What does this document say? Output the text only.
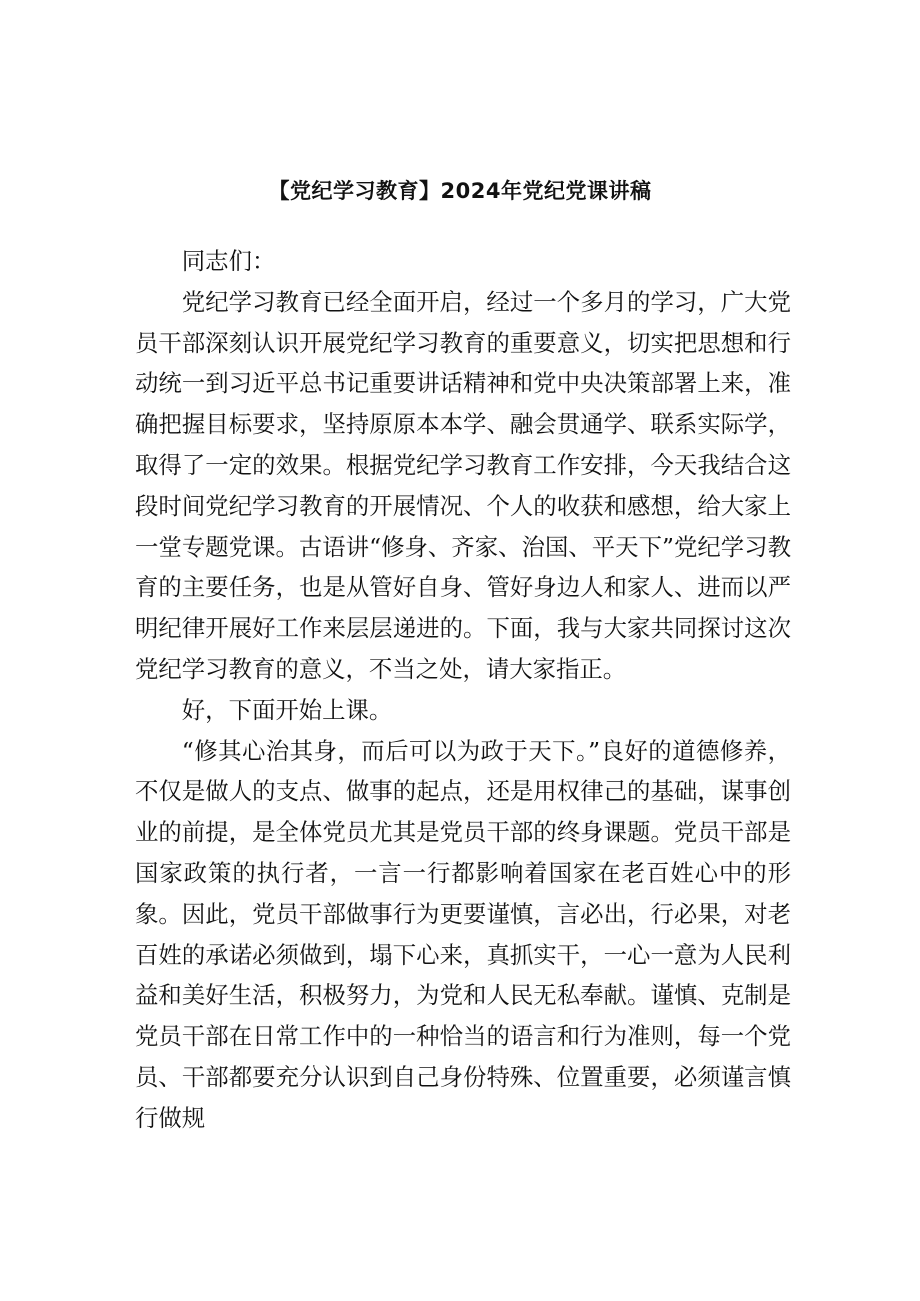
【党纪学习教育】2024年党纪党课讲稿

同志们：

党纪学习教育已经全面开启，经过一个多月的学习，广大党员干部深刻认识开展党纪学习教育的重要意义，切实把思想和行动统一到习近平总书记重要讲话精神和党中央决策部署上来，准确把握目标要求，坚持原原本本学、融会贯通学、联系实际学，取得了一定的效果。根据党纪学习教育工作安排，今天我结合这段时间党纪学习教育的开展情况、个人的收获和感想，给大家上一堂专题党课。古语讲“修身、齐家、治国、平天下”党纪学习教育的主要任务，也是从管好自身、管好身边人和家人、进而以严明纪律开展好工作来层层递进的。下面，我与大家共同探讨这次党纪学习教育的意义，不当之处，请大家指正。

好，下面开始上课。

“修其心治其身，而后可以为政于天下。”良好的道德修养，不仅是做人的支点、做事的起点，还是用权律己的基础，谋事创业的前提，是全体党员尤其是党员干部的终身课题。党员干部是国家政策的执行者，一言一行都影响着国家在老百姓心中的形象。因此，党员干部做事行为更要谨慎，言必出，行必果，对老百姓的承诺必须做到，塌下心来，真抓实干，一心一意为人民利益和美好生活，积极努力，为党和人民无私奉献。谨慎、克制是党员干部在日常工作中的一种恰当的语言和行为准则，每一个党员、干部都要充分认识到自己身份特殊、位置重要，必须谨言慎行做规
